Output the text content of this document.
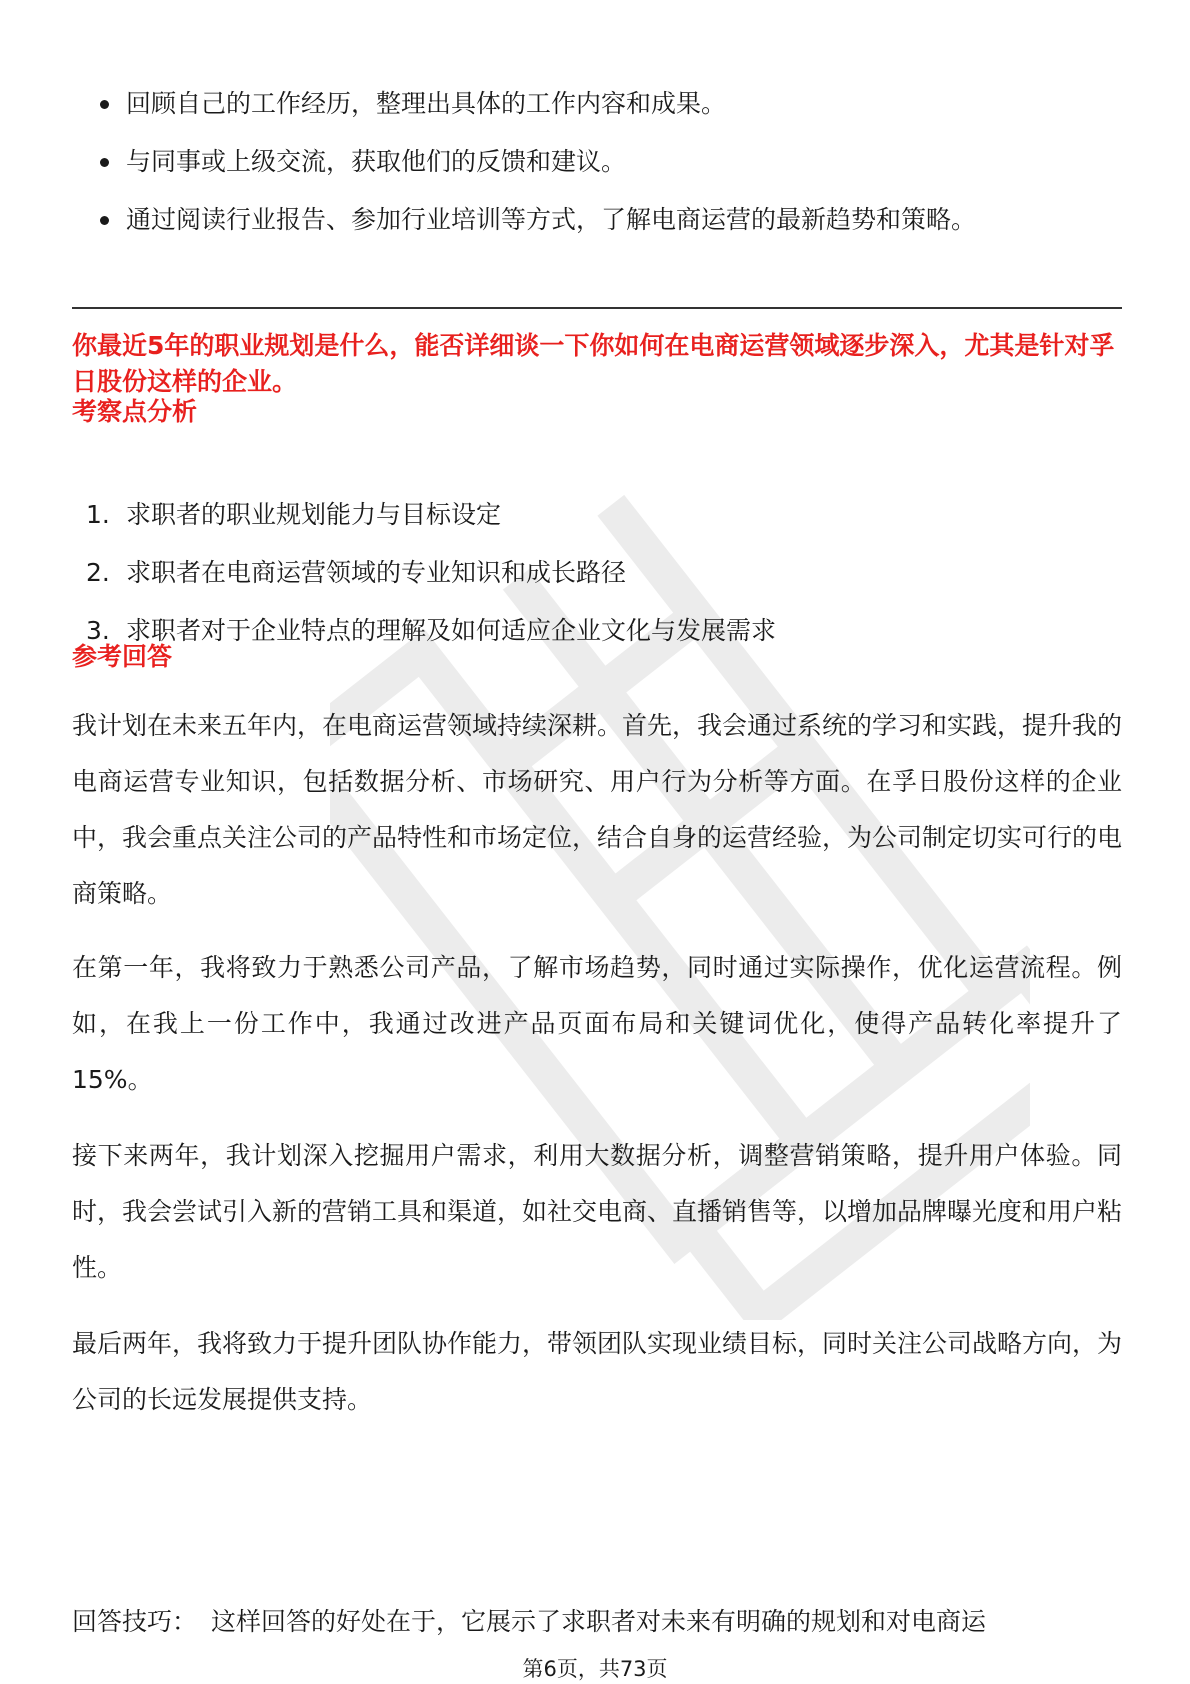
回顾自己的工作经历，整理出具体的工作内容和成果。
与同事或上级交流，获取他们的反馈和建议。
通过阅读行业报告、参加行业培训等方式，了解电商运营的最新趋势和策略。

你最近5年的职业规划是什么，能否详细谈一下你如何在电商运营领域逐步深入，尤其是针对孚日股份这样的企业。

考察点分析
1. 求职者的职业规划能力与目标设定
2. 求职者在电商运营领域的专业知识和成长路径
3. 求职者对于企业特点的理解及如何适应企业文化与发展需求
参考回答

我计划在未来五年内，在电商运营领域持续深耕。首先，我会通过系统的学习和实践，提升我的电商运营专业知识，包括数据分析、市场研究、用户行为分析等方面。在孚日股份这样的企业中，我会重点关注公司的产品特性和市场定位，结合自身的运营经验，为公司制定切实可行的电商策略。

在第一年，我将致力于熟悉公司产品，了解市场趋势，同时通过实际操作，优化运营流程。例如，在我上一份工作中，我通过改进产品页面布局和关键词优化，使得产品转化率提升了15%。

接下来两年，我计划深入挖掘用户需求，利用大数据分析，调整营销策略，提升用户体验。同时，我会尝试引入新的营销工具和渠道，如社交电商、直播销售等，以增加品牌曝光度和用户粘性。

最后两年，我将致力于提升团队协作能力，带领团队实现业绩目标，同时关注公司战略方向，为公司的长远发展提供支持。

回答技巧： 这样回答的好处在于，它展示了求职者对未来有明确的规划和对电商运

第6页，共73页
